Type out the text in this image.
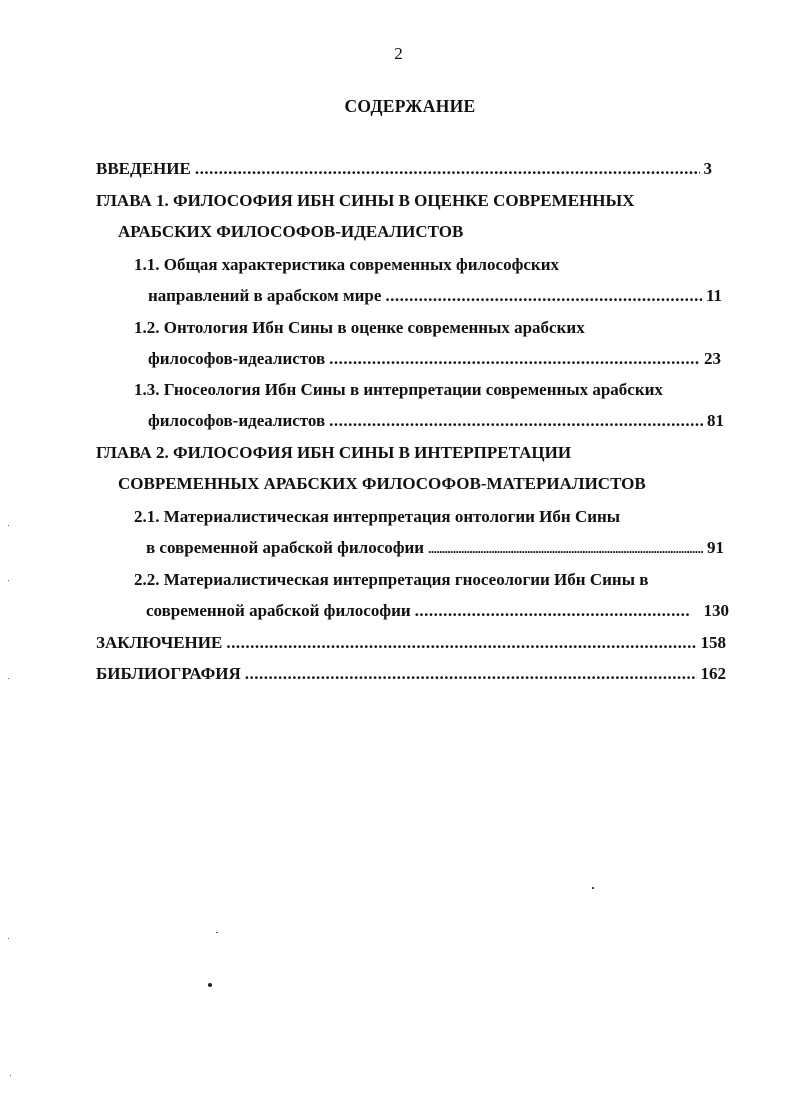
2
СОДЕРЖАНИЕ
ВВЕДЕНИЕ .....	3
ГЛАВА 1. ФИЛОСОФИЯ ИБН СИНЫ В ОЦЕНКЕ СОВРЕМЕННЫХ
АРАБСКИХ ФИЛОСОФОВ-ИДЕАЛИСТОВ
1.1. Общая характеристика современных философских
направлений в арабском мире .....	11
1.2. Онтология Ибн Сины в оценке современных арабских
философов-идеалистов .....	23
1.3. Гносеология Ибн Сины в интерпретации современных арабских
философов-идеалистов .....	81
ГЛАВА 2. ФИЛОСОФИЯ ИБН СИНЫ В ИНТЕРПРЕТАЦИИ
СОВРЕМЕННЫХ АРАБСКИХ ФИЛОСОФОВ-МАТЕРИАЛИСТОВ
2.1. Материалистическая интерпретация онтологии Ибн Сины
в современной арабской философии .....	91
2.2. Материалистическая интерпретация гносеологии Ибн Сины в
современной арабской философии .....	130
ЗАКЛЮЧЕНИЕ .....	158
БИБЛИОГРАФИЯ .....	162
